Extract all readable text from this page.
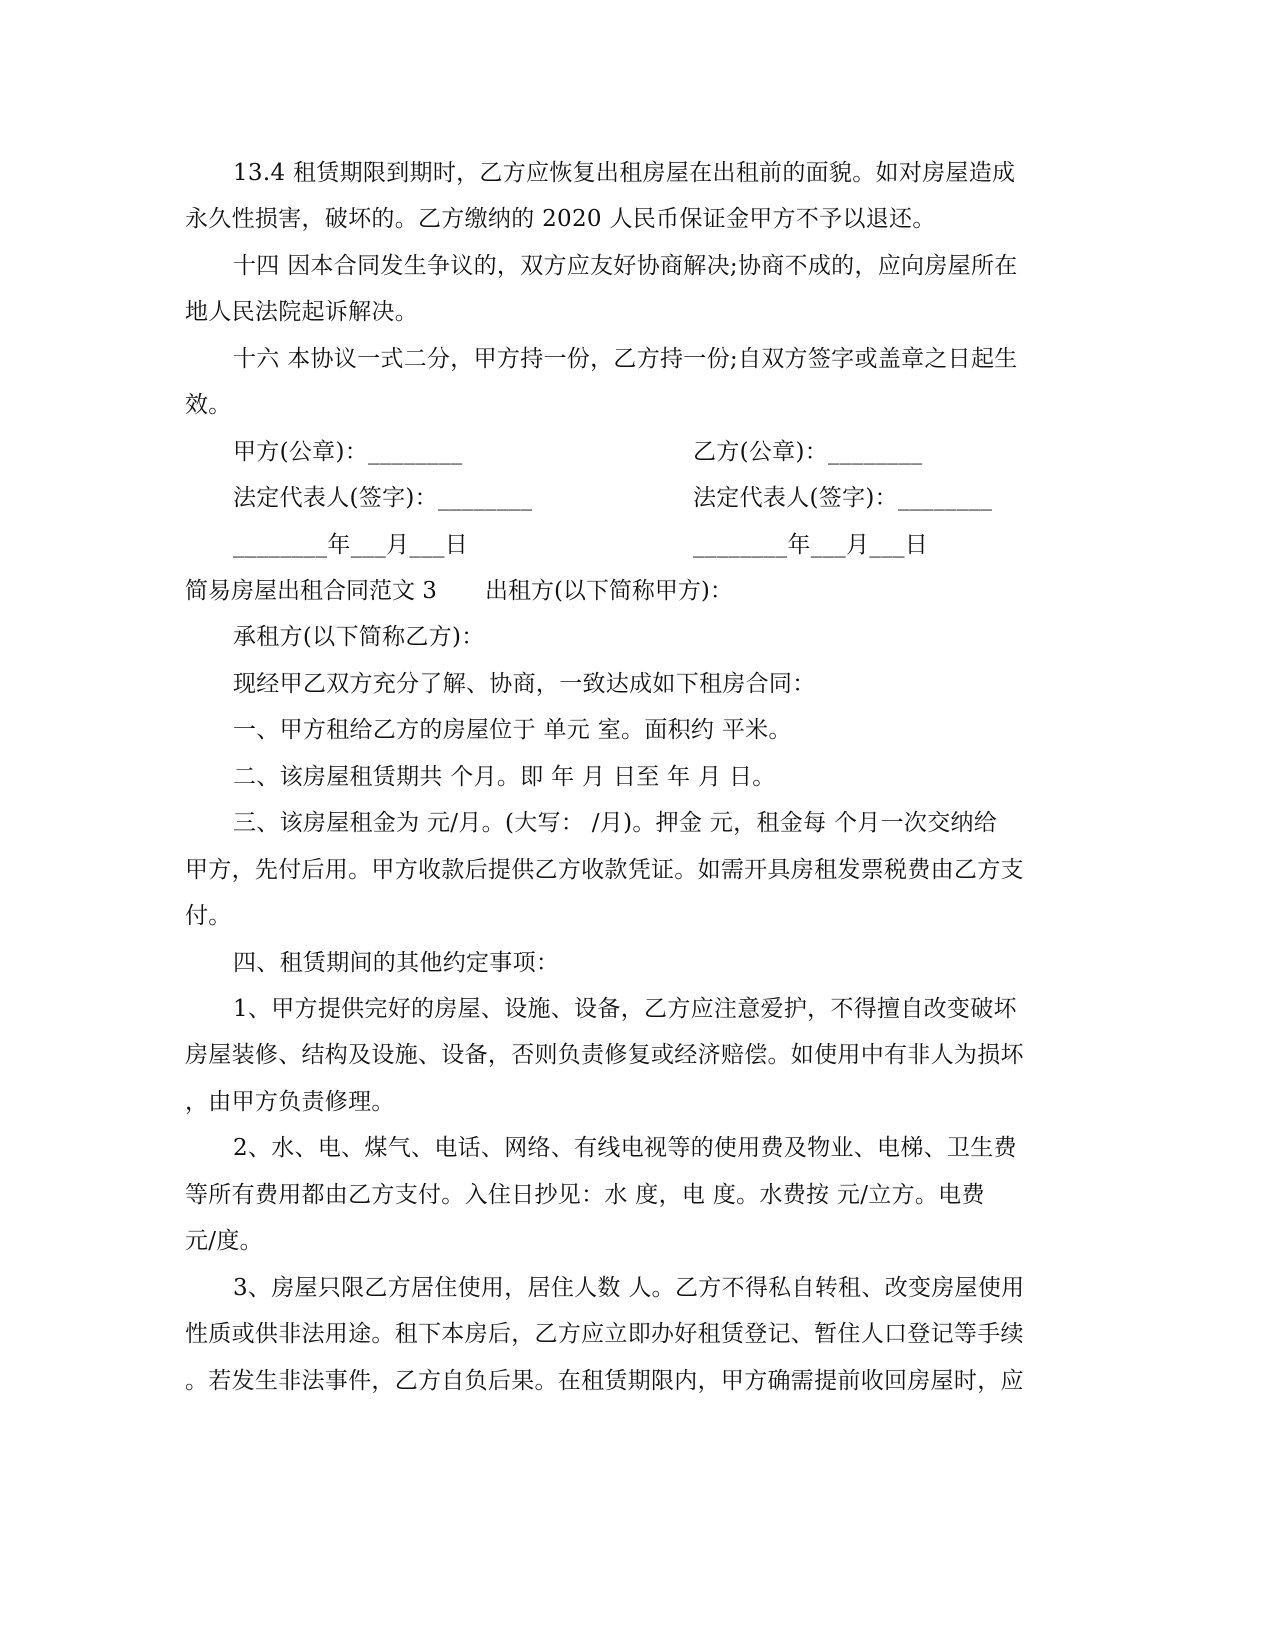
13.4 租赁期限到期时，乙方应恢复出租房屋在出租前的面貌。如对房屋造成
永久性损害，破坏的。乙方缴纳的 2020 人民币保证金甲方不予以退还。
十四 因本合同发生争议的，双方应友好协商解决;协商不成的，应向房屋所在
地人民法院起诉解决。
十六 本协议一式二分，甲方持一份，乙方持一份;自双方签字或盖章之日起生
效。
甲方(公章)：________	乙方(公章)：________
法定代表人(签字)：________	法定代表人(签字)：________
________年___月___日	________年___月___日
简易房屋出租合同范文 3 出租方(以下简称甲方)：
承租方(以下简称乙方)：
现经甲乙双方充分了解、协商，一致达成如下租房合同：
一、甲方租给乙方的房屋位于 单元 室。面积约 平米。
二、该房屋租赁期共 个月。即 年 月 日至 年 月 日。
三、该房屋租金为 元/月。(大写： /月)。押金 元，租金每 个月一次交纳给
甲方，先付后用。甲方收款后提供乙方收款凭证。如需开具房租发票税费由乙方支
付。
四、租赁期间的其他约定事项：
1、甲方提供完好的房屋、设施、设备，乙方应注意爱护，不得擅自改变破坏
房屋装修、结构及设施、设备，否则负责修复或经济赔偿。如使用中有非人为损坏
，由甲方负责修理。
2、水、电、煤气、电话、网络、有线电视等的使用费及物业、电梯、卫生费
等所有费用都由乙方支付。入住日抄见：水 度，电 度。水费按 元/立方。电费
元/度。
3、房屋只限乙方居住使用，居住人数 人。乙方不得私自转租、改变房屋使用
性质或供非法用途。租下本房后，乙方应立即办好租赁登记、暂住人口登记等手续
。若发生非法事件，乙方自负后果。在租赁期限内，甲方确需提前收回房屋时，应
